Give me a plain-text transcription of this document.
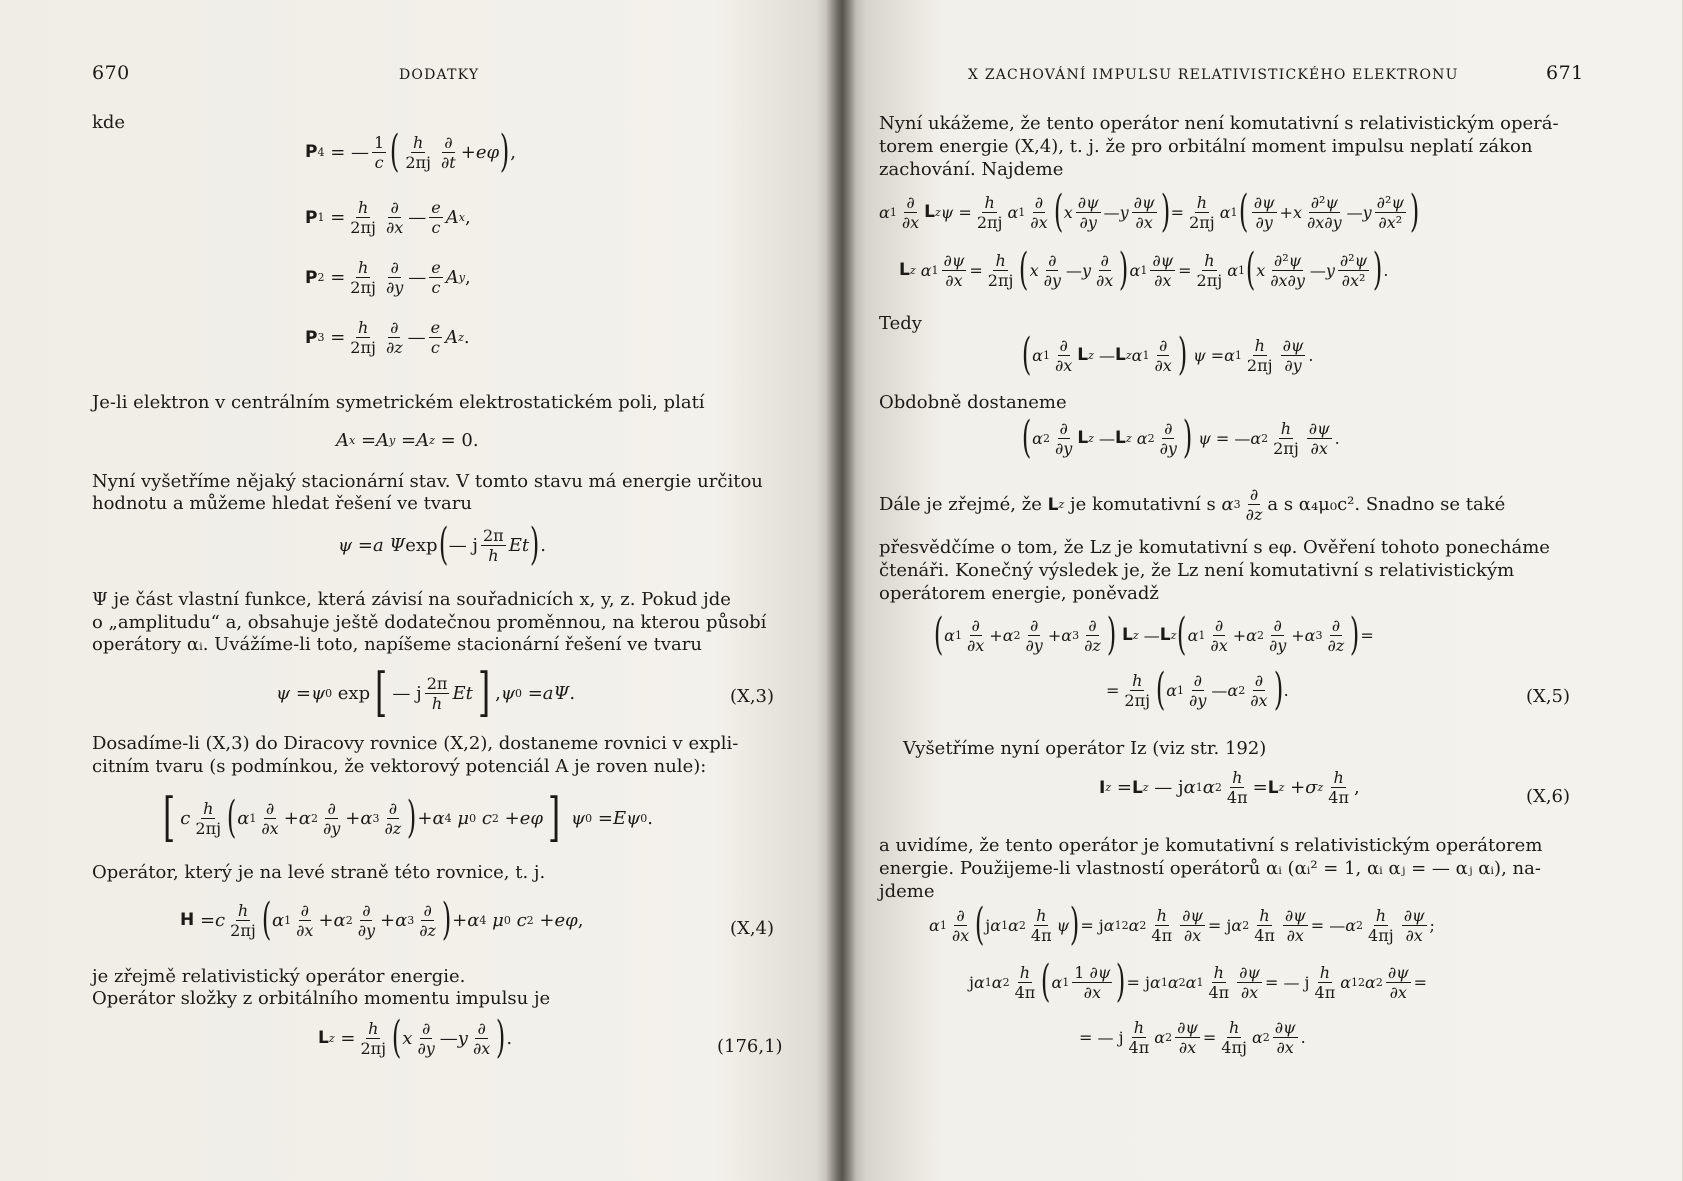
670	DODATKY
kde
P 4 = — 1
c ( h
2πj
∂
∂t + eφ ) ,
P 1 = h
2πj
∂
∂x — e
c A x ,
P 2 = h
2πj
∂
∂y — e
c A y ,
P 3 = h
2πj
∂
∂z — e
c A z .
Je-li elektron v centrálním symetrickém elektrostatickém poli, platí
A x = A y = A z = 0.
Nyní vyšetříme nějaký stacionární stav. V tomto stavu má energie určitou
hodnotu a můžeme hledat řešení ve tvaru
ψ = a Ψ exp ( — j 2π
h Et ) .
Ψ je část vlastní funkce, která závisí na souřadnicích x, y, z. Pokud jde
o „amplitudu“ a, obsahuje ještě dodatečnou proměnnou, na kterou působí
operátory αᵢ. Uvážíme-li toto, napíšeme stacionární řešení ve tvaru
ψ = ψ 0 exp [ — j 2π
h Et ] , ψ 0 = aΨ .	(X,3)
Dosadíme-li (X,3) do Diracovy rovnice (X,2), dostaneme rovnici v expli-
citním tvaru (s podmínkou, že vektorový potenciál A je roven nule):
[ c h
2πj ( α 1
∂
∂x + α 2
∂
∂y + α 3
∂
∂z ) + α 4
μ 0
c 2 + eφ ]
ψ 0 = Eψ 0 .
Operátor, který je na levé straně této rovnice, t. j.
H = c h
2πj ( α 1
∂
∂x + α 2
∂
∂y + α 3
∂
∂z ) + α 4
μ 0
c 2 + eφ ,	(X,4)
je zřejmě relativistický operátor energie.
Operátor složky z orbitálního momentu impulsu je
L z = h
2πj ( x ∂
∂y — y ∂
∂x ) .	(176,1)
X ZACHOVÁNÍ IMPULSU RELATIVISTICKÉHO ELEKTRONU	671
Nyní ukážeme, že tento operátor není komutativní s relativistickým operá-
torem energie (X,4), t. j. že pro orbitální moment impulsu neplatí zákon
zachování. Najdeme
α 1
∂
∂x L z ψ =
h
2πj
α 1
∂
∂x ( x
∂ψ
∂y
— y
∂ψ
∂x ) =
h
2πj
α 1 ( ∂ψ
∂y
+ x
∂²ψ
∂x∂y
— y
∂²ψ
∂x² )
L z
α 1
∂ψ
∂x
=
h
2πj ( x
∂
∂y
— y
∂
∂x ) α 1
∂ψ
∂x
=
h
2πj
α 1 ( x
∂²ψ
∂x∂y
— y
∂²ψ
∂x² ) .
Tedy
( α 1
∂
∂x L z — L z α 1
∂
∂x )
ψ = α 1
h
2πj
∂ψ
∂y
.
Obdobně dostaneme
( α 2
∂
∂y L z — L z
α 2
∂
∂y )
ψ = — α 2
h
2πj
∂ψ
∂x
.
Dále je zřejmé, že
L z
je komutativní s
α 3
∂
∂z a s α₄μ₀c². Snadno se také
přesvědčíme o tom, že Lz je komutativní s eφ. Ověření tohoto ponecháme
čtenáři. Konečný výsledek je, že Lz není komutativní s relativistickým
operátorem energie, poněvadž
( α 1
∂
∂x
+ α 2
∂
∂y
+ α 3
∂
∂z )
L z — L z ( α 1
∂
∂x
+ α 2
∂
∂y
+ α 3
∂
∂z ) =
=
h
2πj ( α 1
∂
∂y
— α 2
∂
∂x ) .	(X,5)
Vyšetříme nyní operátor Iz (viz str. 192)
I z = L z — j α 1 α 2
h
4π = L z + σ z
h
4π ,	(X,6)
a uvidíme, že tento operátor je komutativní s relativistickým operátorem
energie. Použijeme-li vlastností operátorů αᵢ (αᵢ² = 1, αᵢ αⱼ = — αⱼ αᵢ), na-
jdeme
α 1
∂
∂x ( j α 1 α 2
h
4π
ψ ) = j α 1 2 α 2
h
4π
∂ψ
∂x
= j α 2
h
4π
∂ψ
∂x
= — α 2
h
4πj
∂ψ
∂x
;
j α 1 α 2
h
4π ( α 1
1 ∂ψ
∂x ) = j α 1 α 2 α 1
h
4π
∂ψ
∂x
= — j
h
4π
α 1 2 α 2
∂ψ
∂x
=
= — j
h
4π
α 2
∂ψ
∂x
=
h
4πj
α 2
∂ψ
∂x
.
